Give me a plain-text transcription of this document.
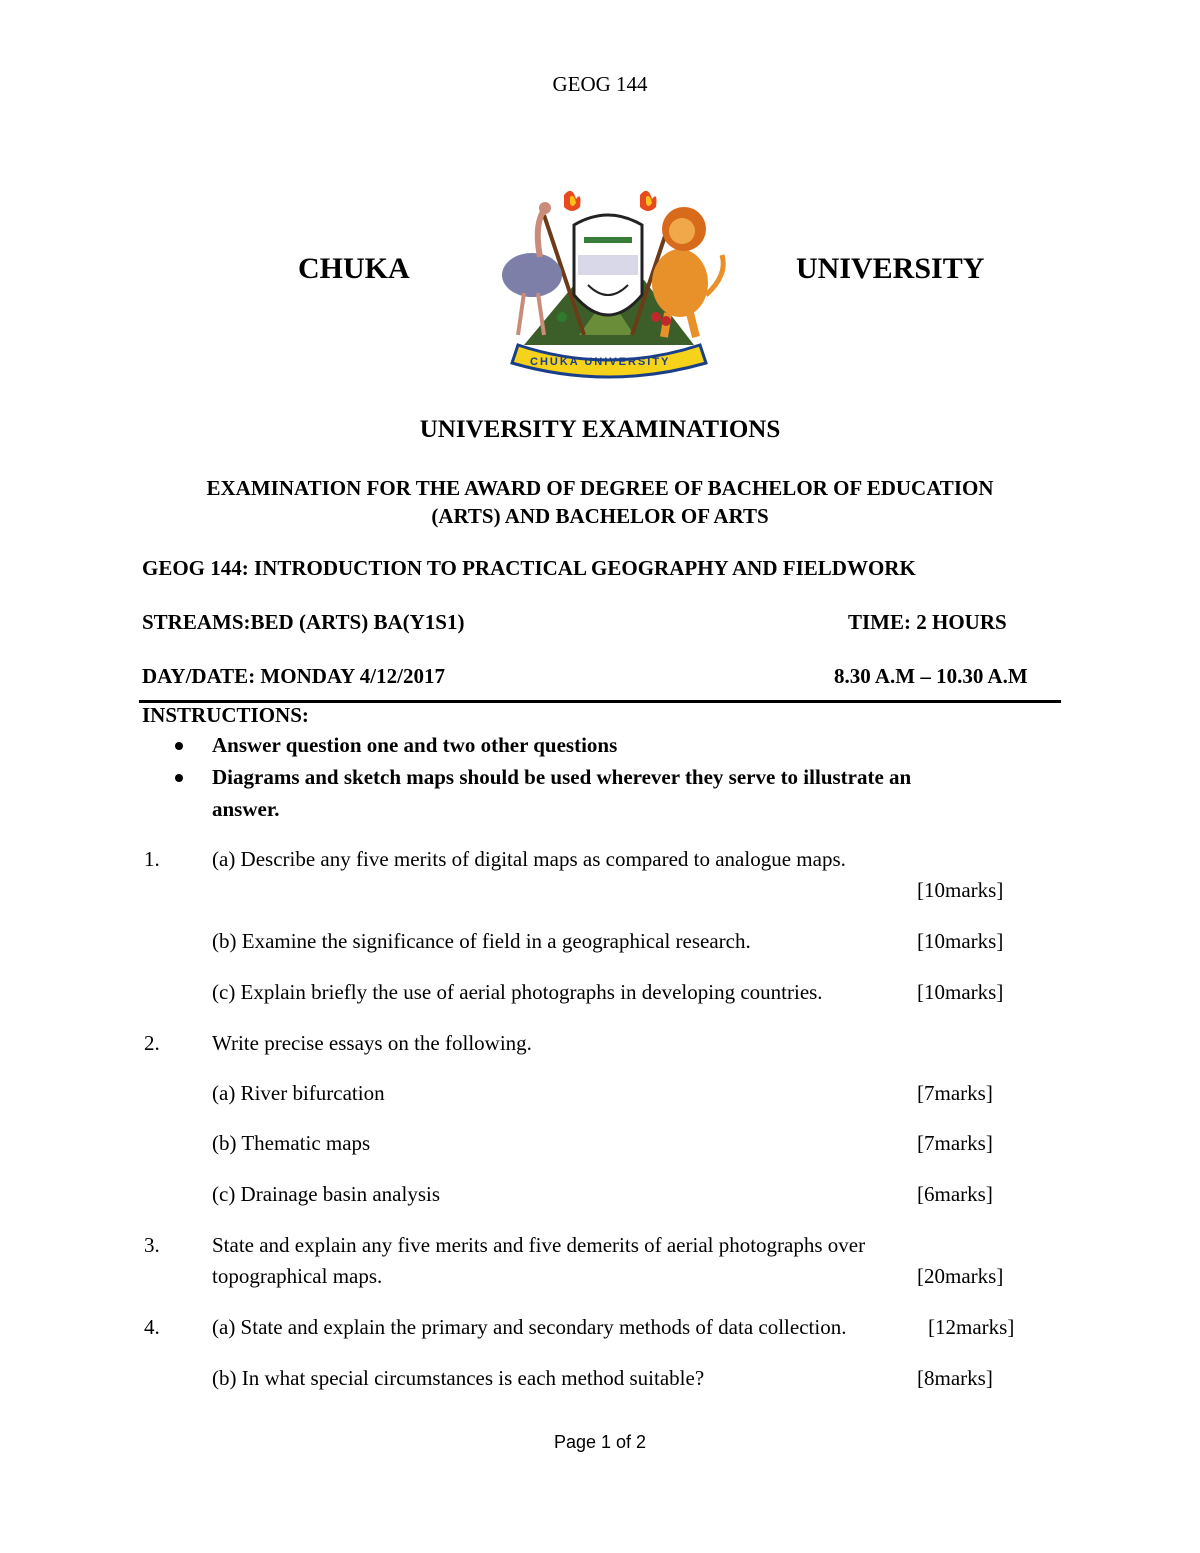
GEOG 144
CHUKA	UNIVERSITY
CHUKA UNIVERSITY
UNIVERSITY EXAMINATIONS
EXAMINATION FOR THE AWARD OF DEGREE OF BACHELOR OF EDUCATION
(ARTS) AND BACHELOR OF ARTS
GEOG 144: INTRODUCTION TO PRACTICAL GEOGRAPHY AND FIELDWORK
STREAMS:BED (ARTS) BA(Y1S1)	TIME: 2 HOURS
DAY/DATE: MONDAY 4/12/2017	8.30 A.M – 10.30 A.M
INSTRUCTIONS:
Answer question one and two other questions
Diagrams and sketch maps should be used wherever they serve to illustrate an
answer.
1. (a) Describe any five merits of digital maps as compared to analogue maps.
[10marks]
(b) Examine the significance of field in a geographical research.	[10marks]
(c) Explain briefly the use of aerial photographs in developing countries.	[10marks]
2. Write precise essays on the following.
(a) River bifurcation	[7marks]
(b) Thematic maps	[7marks]
(c) Drainage basin analysis	[6marks]
3. State and explain any five merits and five demerits of aerial photographs over
topographical maps.	[20marks]
4. (a) State and explain the primary and secondary methods of data collection.	[12marks]
(b) In what special circumstances is each method suitable?	[8marks]
Page 1 of 2
